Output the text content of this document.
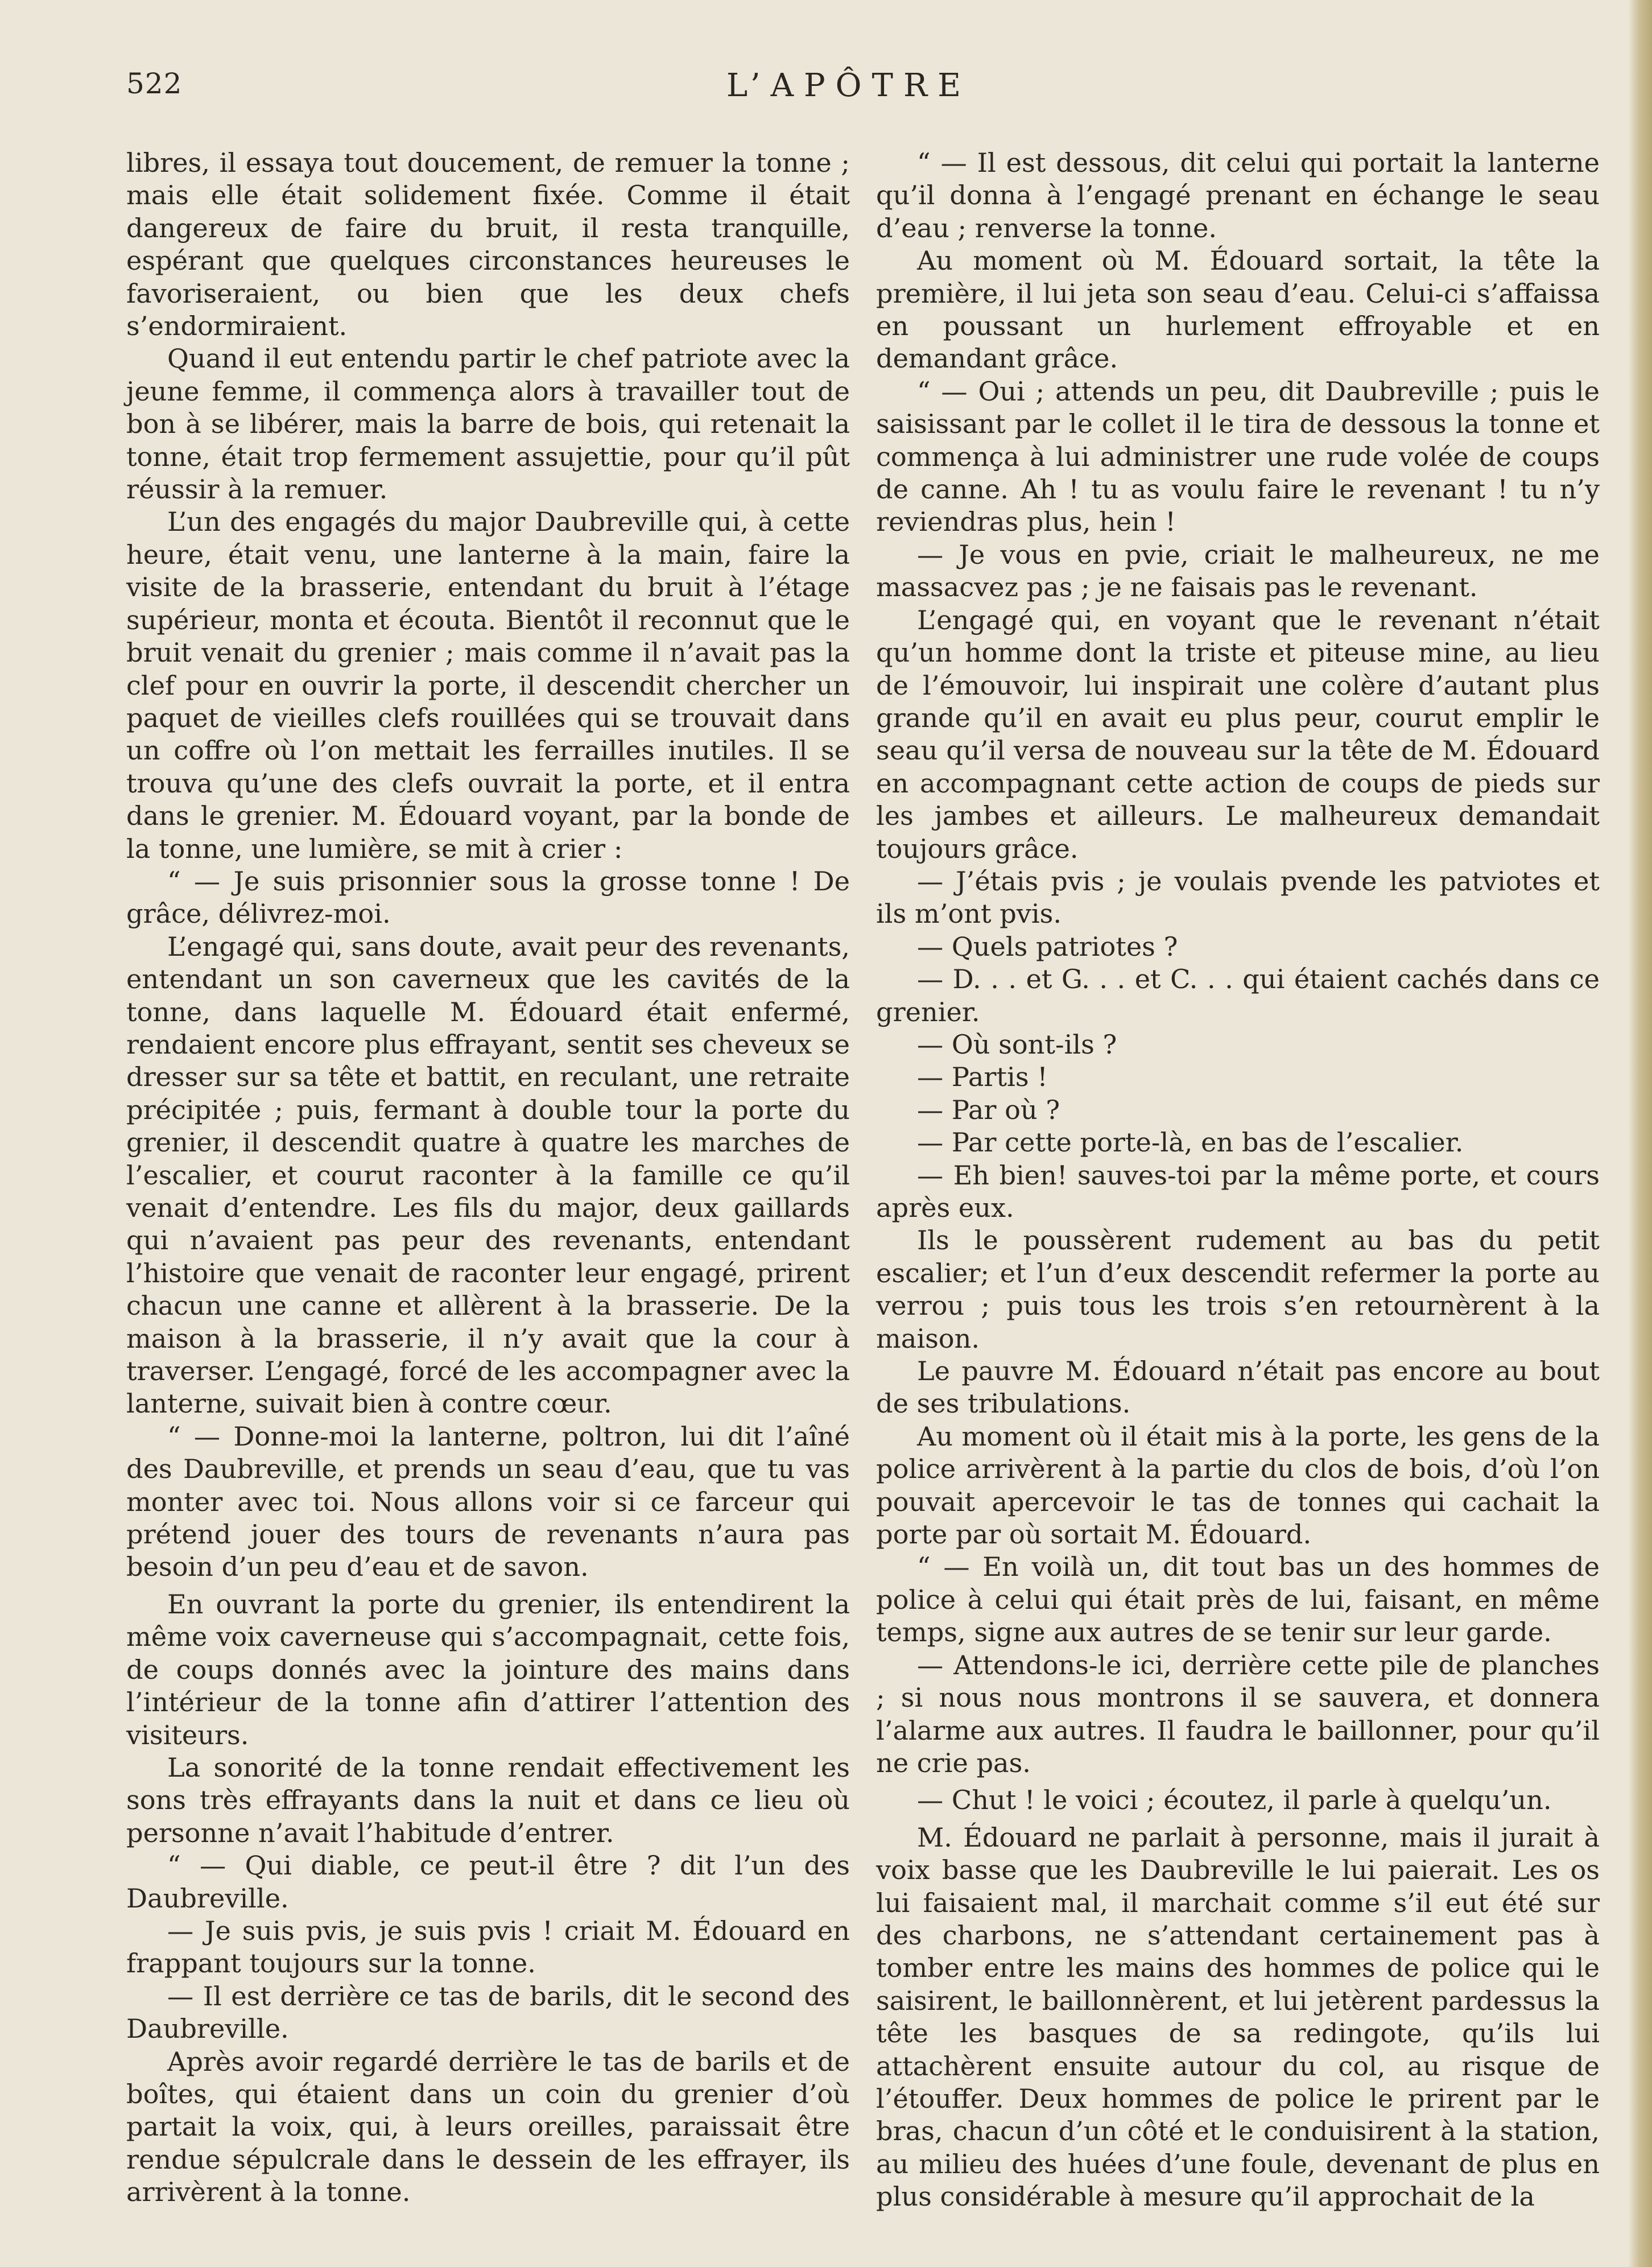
522	L’APÔTRE

libres, il essaya tout doucement, de remuer la tonne ; mais elle était solidement fixée. Comme il était dangereux de faire du bruit, il resta tranquille, espérant que quelques circonstances heureuses le favoriseraient, ou bien que les deux chefs s’endormiraient.

Quand il eut entendu partir le chef patriote avec la jeune femme, il commença alors à travailler tout de bon à se libérer, mais la barre de bois, qui retenait la tonne, était trop fermement assujettie, pour qu’il pût réussir à la remuer.

L’un des engagés du major Daubreville qui, à cette heure, était venu, une lanterne à la main, faire la visite de la brasserie, entendant du bruit à l’étage supérieur, monta et écouta. Bientôt il reconnut que le bruit venait du grenier ; mais comme il n’avait pas la clef pour en ouvrir la porte, il descendit chercher un paquet de vieilles clefs rouillées qui se trouvait dans un coffre où l’on mettait les ferrailles inutiles. Il se trouva qu’une des clefs ouvrait la porte, et il entra dans le grenier. M. Édouard voyant, par la bonde de la tonne, une lumière, se mit à crier :

“ — Je suis prisonnier sous la grosse tonne ! De grâce, délivrez-moi.

L’engagé qui, sans doute, avait peur des revenants, entendant un son caverneux que les cavités de la tonne, dans laquelle M. Édouard était enfermé, rendaient encore plus effrayant, sentit ses cheveux se dresser sur sa tête et battit, en reculant, une retraite précipitée ; puis, fermant à double tour la porte du grenier, il descendit quatre à quatre les marches de l’escalier, et courut raconter à la famille ce qu’il venait d’entendre. Les fils du major, deux gaillards qui n’avaient pas peur des revenants, entendant l’histoire que venait de raconter leur engagé, prirent chacun une canne et allèrent à la brasserie. De la maison à la brasserie, il n’y avait que la cour à traverser. L’engagé, forcé de les accompagner avec la lanterne, suivait bien à contre cœur.

“ — Donne-moi la lanterne, poltron, lui dit l’aîné des Daubreville, et prends un seau d’eau, que tu vas monter avec toi. Nous allons voir si ce farceur qui prétend jouer des tours de revenants n’aura pas besoin d’un peu d’eau et de savon.

En ouvrant la porte du grenier, ils entendirent la même voix caverneuse qui s’accompagnait, cette fois, de coups donnés avec la jointure des mains dans l’intérieur de la tonne afin d’attirer l’attention des visiteurs.

La sonorité de la tonne rendait effectivement les sons très effrayants dans la nuit et dans ce lieu où personne n’avait l’habitude d’entrer.

“ — Qui diable, ce peut-il être ? dit l’un des Daubreville.

— Je suis pvis, je suis pvis ! criait M. Édouard en frappant toujours sur la tonne.

— Il est derrière ce tas de barils, dit le second des Daubreville.

Après avoir regardé derrière le tas de barils et de boîtes, qui étaient dans un coin du grenier d’où partait la voix, qui, à leurs oreilles, paraissait être rendue sépulcrale dans le dessein de les effrayer, ils arrivèrent à la tonne.

“ — Il est dessous, dit celui qui portait la lanterne qu’il donna à l’engagé prenant en échange le seau d’eau ; renverse la tonne.

Au moment où M. Édouard sortait, la tête la première, il lui jeta son seau d’eau. Celui-ci s’affaissa en poussant un hurlement effroyable et en demandant grâce.

“ — Oui ; attends un peu, dit Daubreville ; puis le saisissant par le collet il le tira de dessous la tonne et commença à lui administrer une rude volée de coups de canne. Ah ! tu as voulu faire le revenant ! tu n’y reviendras plus, hein !

— Je vous en pvie, criait le malheureux, ne me massacvez pas ; je ne faisais pas le revenant.

L’engagé qui, en voyant que le revenant n’était qu’un homme dont la triste et piteuse mine, au lieu de l’émouvoir, lui inspirait une colère d’autant plus grande qu’il en avait eu plus peur, courut emplir le seau qu’il versa de nouveau sur la tête de M. Édouard en accompagnant cette action de coups de pieds sur les jambes et ailleurs. Le malheureux demandait toujours grâce.

— J’étais pvis ; je voulais pvende les patviotes et ils m’ont pvis.

— Quels patriotes ?

— D. . . et G. . . et C. . . qui étaient cachés dans ce grenier.

— Où sont-ils ?

— Partis !

— Par où ?

— Par cette porte-là, en bas de l’escalier.

— Eh bien! sauves-toi par la même porte, et cours après eux.

Ils le poussèrent rudement au bas du petit escalier; et l’un d’eux descendit refermer la porte au verrou ; puis tous les trois s’en retournèrent à la maison.

Le pauvre M. Édouard n’était pas encore au bout de ses tribulations.

Au moment où il était mis à la porte, les gens de la police arrivèrent à la partie du clos de bois, d’où l’on pouvait apercevoir le tas de tonnes qui cachait la porte par où sortait M. Édouard.

“ — En voilà un, dit tout bas un des hommes de police à celui qui était près de lui, faisant, en même temps, signe aux autres de se tenir sur leur garde.

— Attendons-le ici, derrière cette pile de planches ; si nous nous montrons il se sauvera, et donnera l’alarme aux autres. Il faudra le baillonner, pour qu’il ne crie pas.

— Chut ! le voici ; écoutez, il parle à quelqu’un.

M. Édouard ne parlait à personne, mais il jurait à voix basse que les Daubreville le lui paierait. Les os lui faisaient mal, il marchait comme s’il eut été sur des charbons, ne s’attendant certainement pas à tomber entre les mains des hommes de police qui le saisirent, le baillonnèrent, et lui jetèrent pardessus la tête les basques de sa redingote, qu’ils lui attachèrent ensuite autour du col, au risque de l’étouffer. Deux hommes de police le prirent par le bras, chacun d’un côté et le conduisirent à la station, au milieu des huées d’une foule, devenant de plus en plus considérable à mesure qu’il approchait de la
